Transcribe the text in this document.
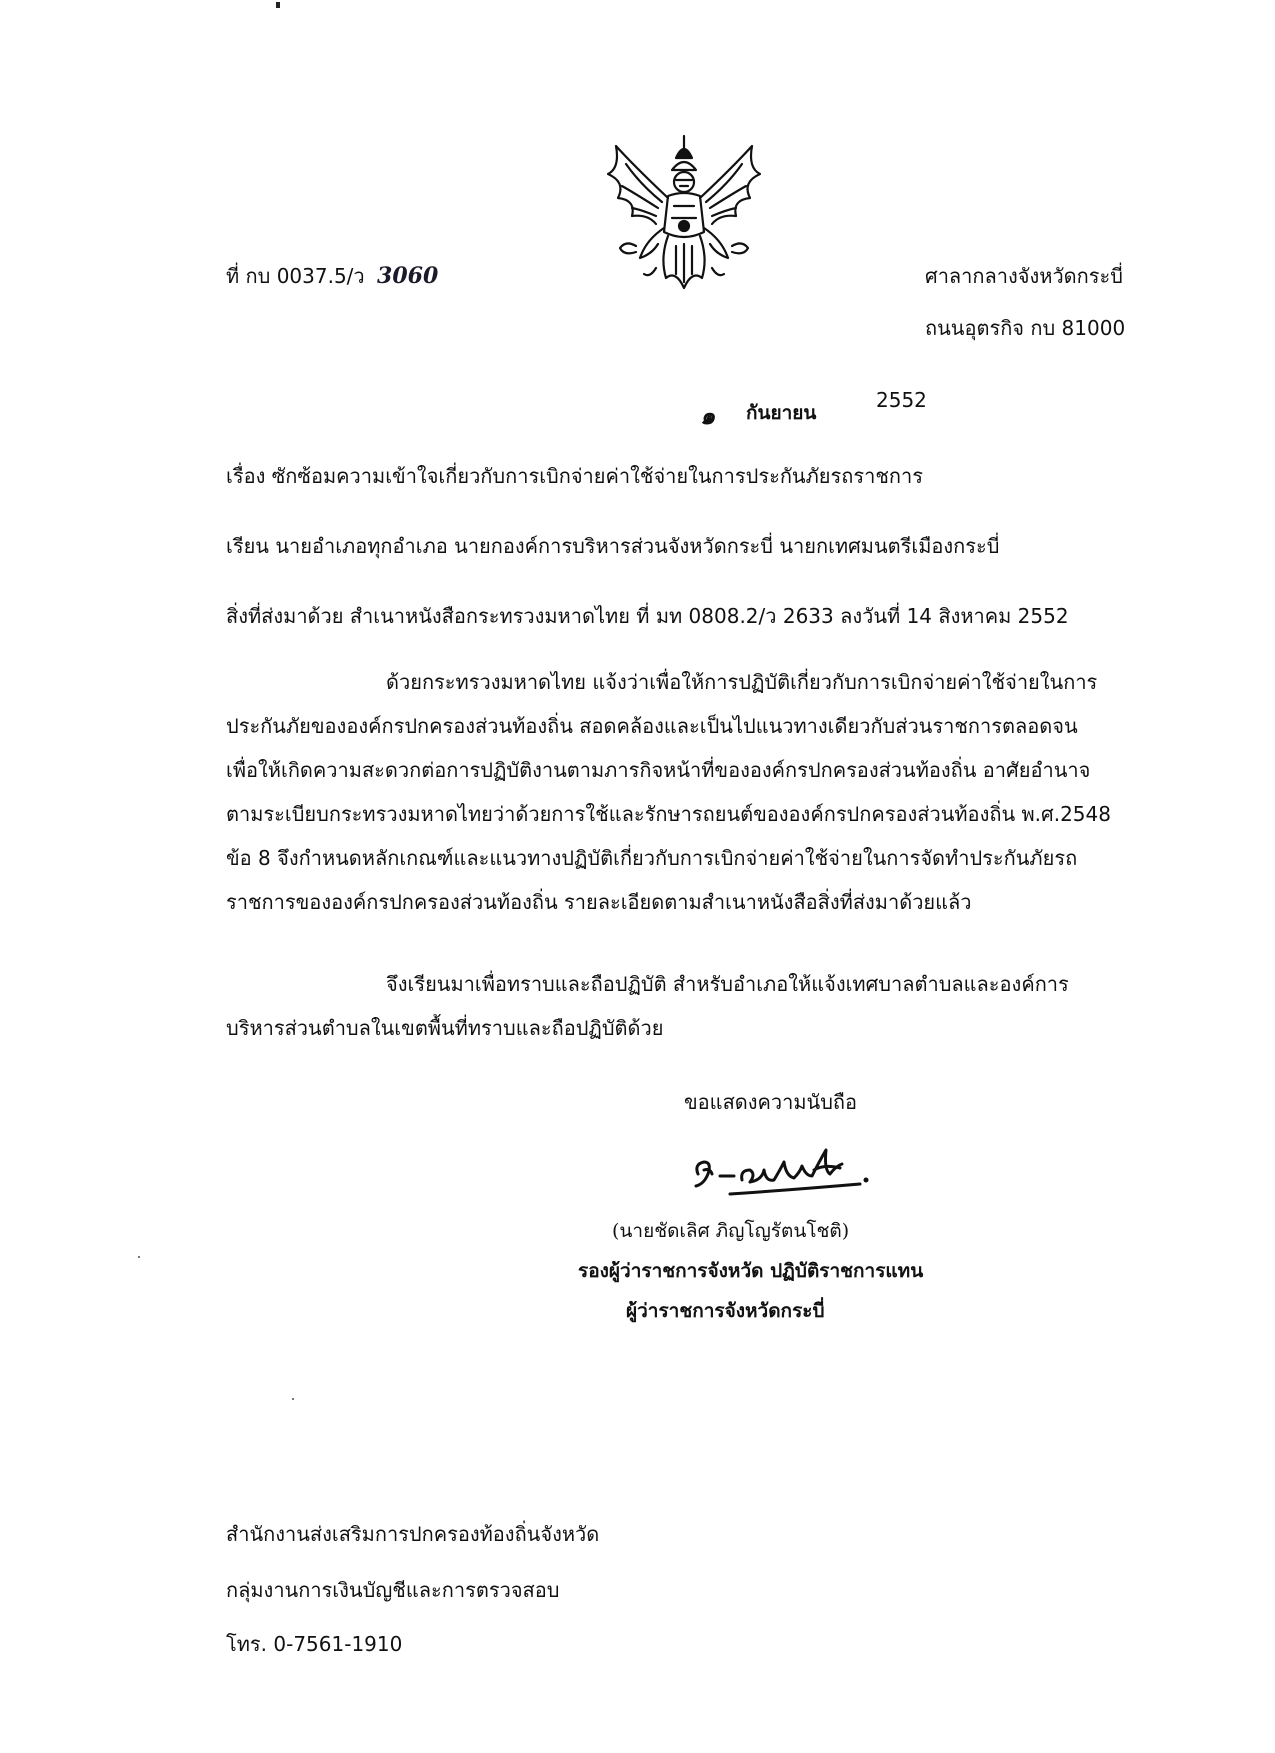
ที่ กบ 0037.5/ว 3060	ศาลากลางจังหวัดกระบี่
ถนนอุตรกิจ กบ 81000
๑ กันยายน
2552
เรื่อง ซักซ้อมความเข้าใจเกี่ยวกับการเบิกจ่ายค่าใช้จ่ายในการประกันภัยรถราชการ
เรียน นายอำเภอทุกอำเภอ นายกองค์การบริหารส่วนจังหวัดกระบี่ นายกเทศมนตรีเมืองกระบี่
สิ่งที่ส่งมาด้วย สำเนาหนังสือกระทรวงมหาดไทย ที่ มท 0808.2/ว 2633 ลงวันที่ 14 สิงหาคม 2552
ด้วยกระทรวงมหาดไทย แจ้งว่าเพื่อให้การปฏิบัติเกี่ยวกับการเบิกจ่ายค่าใช้จ่ายในการ
ประกันภัยขององค์กรปกครองส่วนท้องถิ่น สอดคล้องและเป็นไปแนวทางเดียวกับส่วนราชการตลอดจน
เพื่อให้เกิดความสะดวกต่อการปฏิบัติงานตามภารกิจหน้าที่ขององค์กรปกครองส่วนท้องถิ่น อาศัยอำนาจ
ตามระเบียบกระทรวงมหาดไทยว่าด้วยการใช้และรักษารถยนต์ขององค์กรปกครองส่วนท้องถิ่น พ.ศ.2548
ข้อ 8 จึงกำหนดหลักเกณฑ์และแนวทางปฏิบัติเกี่ยวกับการเบิกจ่ายค่าใช้จ่ายในการจัดทำประกันภัยรถ
ราชการขององค์กรปกครองส่วนท้องถิ่น รายละเอียดตามสำเนาหนังสือสิ่งที่ส่งมาด้วยแล้ว
จึงเรียนมาเพื่อทราบและถือปฏิบัติ สำหรับอำเภอให้แจ้งเทศบาลตำบลและองค์การ
บริหารส่วนตำบลในเขตพื้นที่ทราบและถือปฏิบัติด้วย
ขอแสดงความนับถือ
(นายชัดเลิศ ภิญโญรัตนโชติ)
รองผู้ว่าราชการจังหวัด ปฏิบัติราชการแทน
ผู้ว่าราชการจังหวัดกระบี่
สำนักงานส่งเสริมการปกครองท้องถิ่นจังหวัด
กลุ่มงานการเงินบัญชีและการตรวจสอบ
โทร. 0-7561-1910
